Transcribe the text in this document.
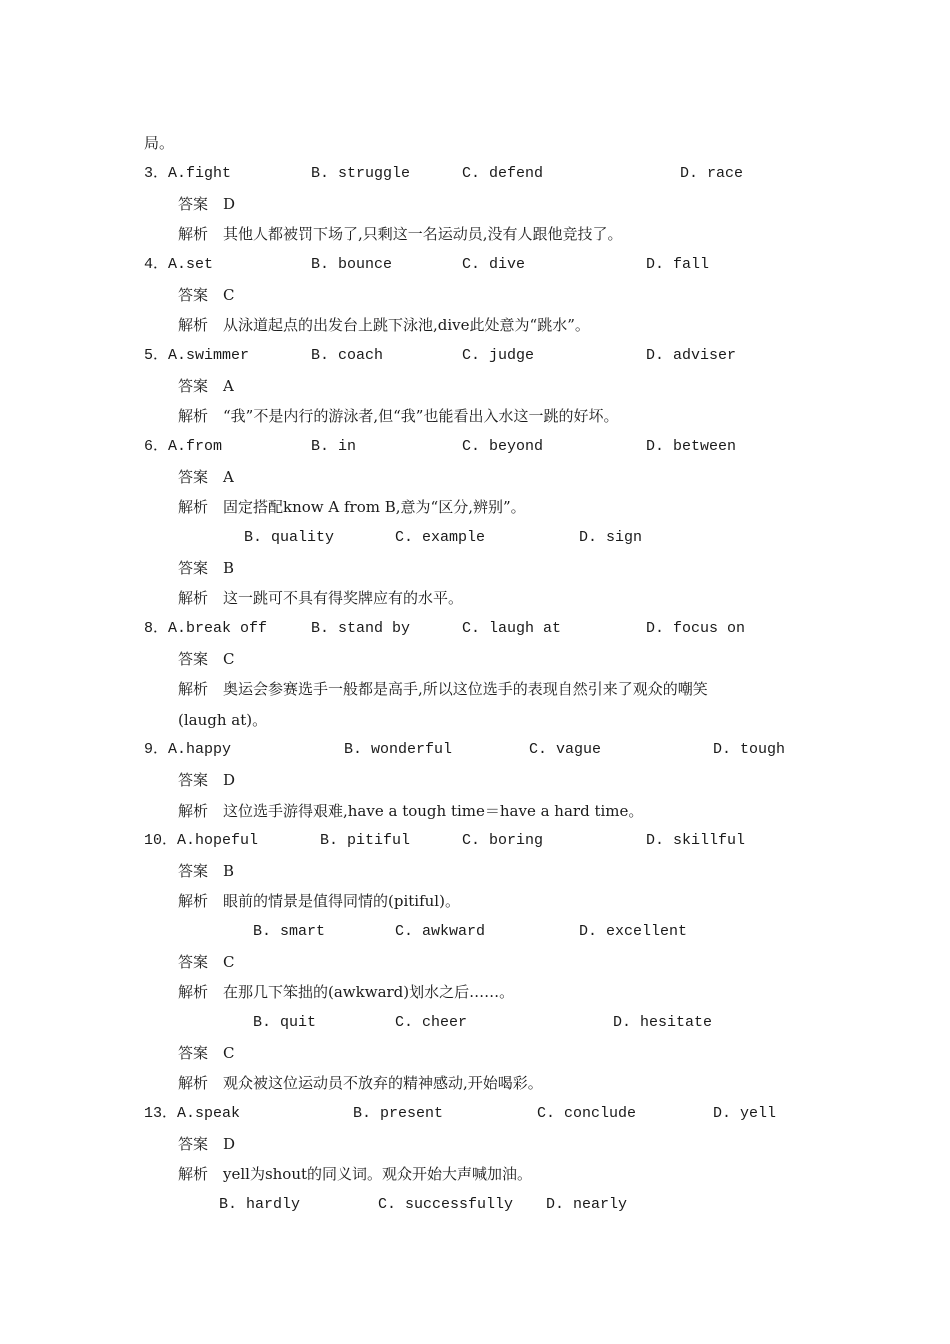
局。
3．A.fight	B. struggle	C. defend	D. race
答案　D
解析　其他人都被罚下场了,只剩这一名运动员,没有人跟他竞技了。
4．A.set	B. bounce	C. dive	D. fall
答案　C
解析　从泳道起点的出发台上跳下泳池,dive此处意为“跳水”。
5．A.swimmer	B. coach	C. judge	D. adviser
答案　A
解析　“我”不是内行的游泳者,但“我”也能看出入水这一跳的好坏。
6．A.from	B. in	C. beyond	D. between
答案　A
解析　固定搭配know A from B,意为“区分,辨别”。
B. quality	C. example	D. sign
答案　B
解析　这一跳可不具有得奖牌应有的水平。
8．A.break off	B. stand by	C. laugh at	D. focus on
答案　C
解析　奥运会参赛选手一般都是高手,所以这位选手的表现自然引来了观众的嘲笑
(laugh at)。
9．A.happy	B. wonderful	C. vague	D. tough
答案　D
解析　这位选手游得艰难,have a tough time＝have a hard time。
10．A.hopeful	B. pitiful	C. boring	D. skillful
答案　B
解析　眼前的情景是值得同情的(pitiful)。
B. smart	C. awkward	D. excellent
答案　C
解析　在那几下笨拙的(awkward)划水之后……。
B. quit	C. cheer	D. hesitate
答案　C
解析　观众被这位运动员不放弃的精神感动,开始喝彩。
13．A.speak	B. present	C. conclude	D. yell
答案　D
解析　yell为shout的同义词。观众开始大声喊加油。
B. hardly	C. successfully D. nearly
